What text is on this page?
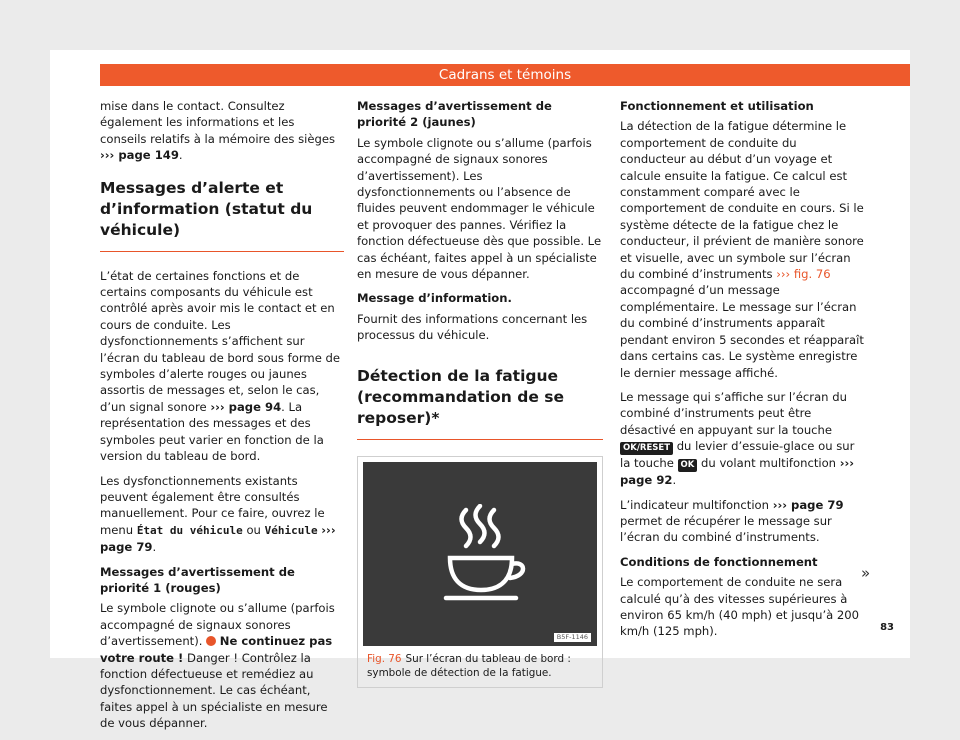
Cadrans et témoins

mise dans le contact. Consultez également les informations et les conseils relatifs à la mémoire des sièges ››› page 149.

Messages d’alerte et d’information (statut du véhicule)

L’état de certaines fonctions et de certains composants du véhicule est contrôlé après avoir mis le contact et en cours de conduite. Les dysfonctionnements s’affichent sur l’écran du tableau de bord sous forme de symboles d’alerte rouges ou jaunes assortis de messages et, selon le cas, d’un signal sonore ››› page 94. La représentation des messages et des symboles peut varier en fonction de la version du tableau de bord.

Les dysfonctionnements existants peuvent également être consultés manuellement. Pour ce faire, ouvrez le menu État du véhicule ou Véhicule ››› page 79.

Messages d’avertissement de priorité 1 (rouges)

Le symbole clignote ou s’allume (parfois accompagné de signaux sonores d’avertissement). Ne continuez pas votre route ! Danger ! Contrôlez la fonction défectueuse et remédiez au dysfonctionnement. Le cas échéant, faites appel à un spécialiste en mesure de vous dépanner.

Messages d’avertissement de priorité 2 (jaunes)

Le symbole clignote ou s’allume (parfois accompagné de signaux sonores d’avertissement). Les dysfonctionnements ou l’absence de fluides peuvent endommager le véhicule et provoquer des pannes. Vérifiez la fonction défectueuse dès que possible. Le cas échéant, faites appel à un spécialiste en mesure de vous dépanner.

Message d’information.

Fournit des informations concernant les processus du véhicule.

Détection de la fatigue (recommandation de se reposer)*
B5F-1146
Fig. 76 Sur l’écran du tableau de bord : symbole de détection de la fatigue.

Fonctionnement et utilisation

La détection de la fatigue détermine le comportement de conduite du conducteur au début d’un voyage et calcule ensuite la fatigue. Ce calcul est constamment comparé avec le comportement de conduite en cours. Si le système détecte de la fatigue chez le conducteur, il prévient de manière sonore et visuelle, avec un symbole sur l’écran du combiné d’instruments ››› fig. 76 accompagné d’un message complémentaire. Le message sur l’écran du combiné d’instruments apparaît pendant environ 5 secondes et réapparaît dans certains cas. Le système enregistre le dernier message affiché.

Le message qui s’affiche sur l’écran du combiné d’instruments peut être désactivé en appuyant sur la touche OK/RESET du levier d’essuie-glace ou sur la touche OK du volant multifonction ››› page 92.

L’indicateur multifonction ››› page 79 permet de récupérer le message sur l’écran du combiné d’instruments.

Conditions de fonctionnement

Le comportement de conduite ne sera calculé qu’à des vitesses supérieures à environ 65 km/h (40 mph) et jusqu’à 200 km/h (125 mph).

»
83
